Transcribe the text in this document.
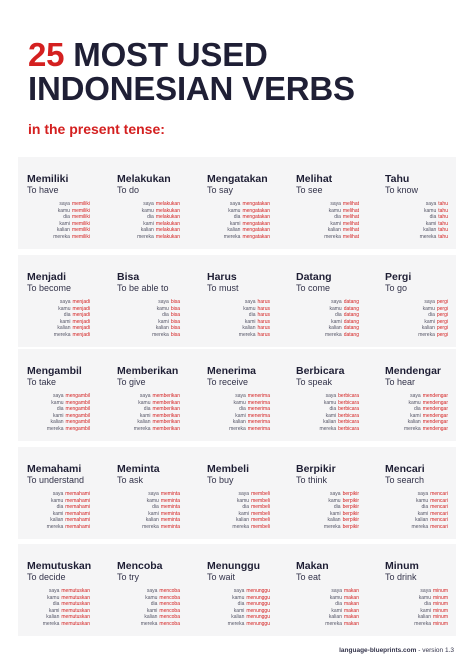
25 MOST USED
INDONESIAN VERBS
in the present tense:
Memiliki
To have
saya memiliki
kamu memiliki
dia memiliki
kami memiliki
kalian memiliki
mereka memiliki
Melakukan
To do
saya melakukan
kamu melakukan
dia melakukan
kami melakukan
kalian melakukan
mereka melakukan
Mengatakan
To say
saya mengatakan
kamu mengatakan
dia mengatakan
kami mengatakan
kalian mengatakan
mereka mengatakan
Melihat
To see
saya melihat
kamu melihat
dia melihat
kami melihat
kalian melihat
mereka melihat
Tahu
To know
saya tahu
kamu tahu
dia tahu
kami tahu
kalian tahu
mereka tahu
Menjadi
To become
saya menjadi
kamu menjadi
dia menjadi
kami menjadi
kalian menjadi
mereka menjadi
Bisa
To be able to
saya bisa
kamu bisa
dia bisa
kami bisa
kalian bisa
mereka bisa
Harus
To must
saya harus
kamu harus
dia harus
kami harus
kalian harus
mereka harus
Datang
To come
saya datang
kamu datang
dia datang
kami datang
kalian datang
mereka datang
Pergi
To go
saya pergi
kamu pergi
dia pergi
kami pergi
kalian pergi
mereka pergi
Mengambil
To take
saya mengambil
kamu mengambil
dia mengambil
kami mengambil
kalian mengambil
mereka mengambil
Memberikan
To give
saya memberikan
kamu memberikan
dia memberikan
kami memberikan
kalian memberikan
mereka memberikan
Menerima
To receive
saya menerima
kamu menerima
dia menerima
kami menerima
kalian menerima
mereka menerima
Berbicara
To speak
saya berbicara
kamu berbicara
dia berbicara
kami berbicara
kalian berbicara
mereka berbicara
Mendengar
To hear
saya mendengar
kamu mendengar
dia mendengar
kami mendengar
kalian mendengar
mereka mendengar
Memahami
To understand
saya memahami
kamu memahami
dia memahami
kami memahami
kalian memahami
mereka memahami
Meminta
To ask
saya meminta
kamu meminta
dia meminta
kami meminta
kalian meminta
mereka meminta
Membeli
To buy
saya membeli
kamu membeli
dia membeli
kami membeli
kalian membeli
mereka membeli
Berpikir
To think
saya berpikir
kamu berpikir
dia berpikir
kami berpikir
kalian berpikir
mereka berpikir
Mencari
To search
saya mencari
kamu mencari
dia mencari
kami mencari
kalian mencari
mereka mencari
Memutuskan
To decide
saya memutuskan
kamu memutuskan
dia memutuskan
kami memutuskan
kalian memutuskan
mereka memutuskan
Mencoba
To try
saya mencoba
kamu mencoba
dia mencoba
kami mencoba
kalian mencoba
mereka mencoba
Menunggu
To wait
saya menunggu
kamu menunggu
dia menunggu
kami menunggu
kalian menunggu
mereka menunggu
Makan
To eat
saya makan
kamu makan
dia makan
kami makan
kalian makan
mereka makan
Minum
To drink
saya minum
kamu minum
dia minum
kami minum
kalian minum
mereka minum
language-blueprints.com - version 1.3
